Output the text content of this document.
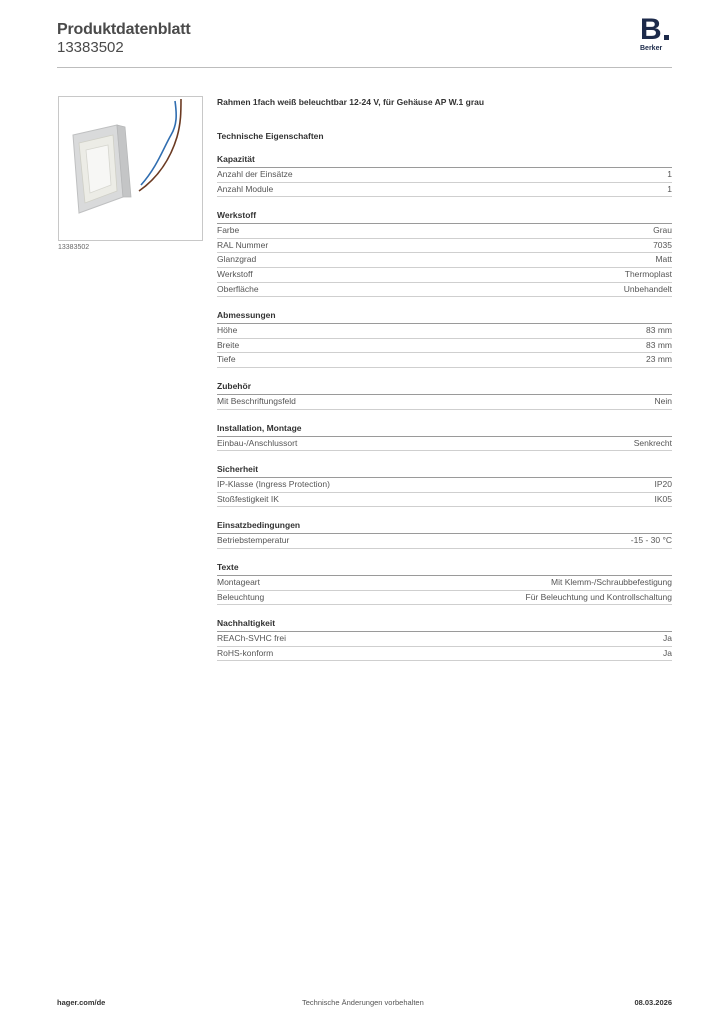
Produktdatenblatt
13383502
B
Berker
13383502
Rahmen 1fach weiß beleuchtbar 12-24 V, für Gehäuse AP W.1 grau
Technische Eigenschaften
Kapazität
Anzahl der Einsätze	1
Anzahl Module	1
Werkstoff
Farbe	Grau
RAL Nummer	7035
Glanzgrad	Matt
Werkstoff	Thermoplast
Oberfläche	Unbehandelt
Abmessungen
Höhe	83 mm
Breite	83 mm
Tiefe	23 mm
Zubehör
Mit Beschriftungsfeld	Nein
Installation, Montage
Einbau-/Anschlussort	Senkrecht
Sicherheit
IP-Klasse (Ingress Protection)	IP20
Stoßfestigkeit IK	IK05
Einsatzbedingungen
Betriebstemperatur	-15 - 30 °C
Texte
Montageart	Mit Klemm-/Schraubbefestigung
Beleuchtung	Für Beleuchtung und Kontrollschaltung
Nachhaltigkeit
REACh-SVHC frei	Ja
RoHS-konform	Ja
hager.com/de	Technische Änderungen vorbehalten	08.03.2026
